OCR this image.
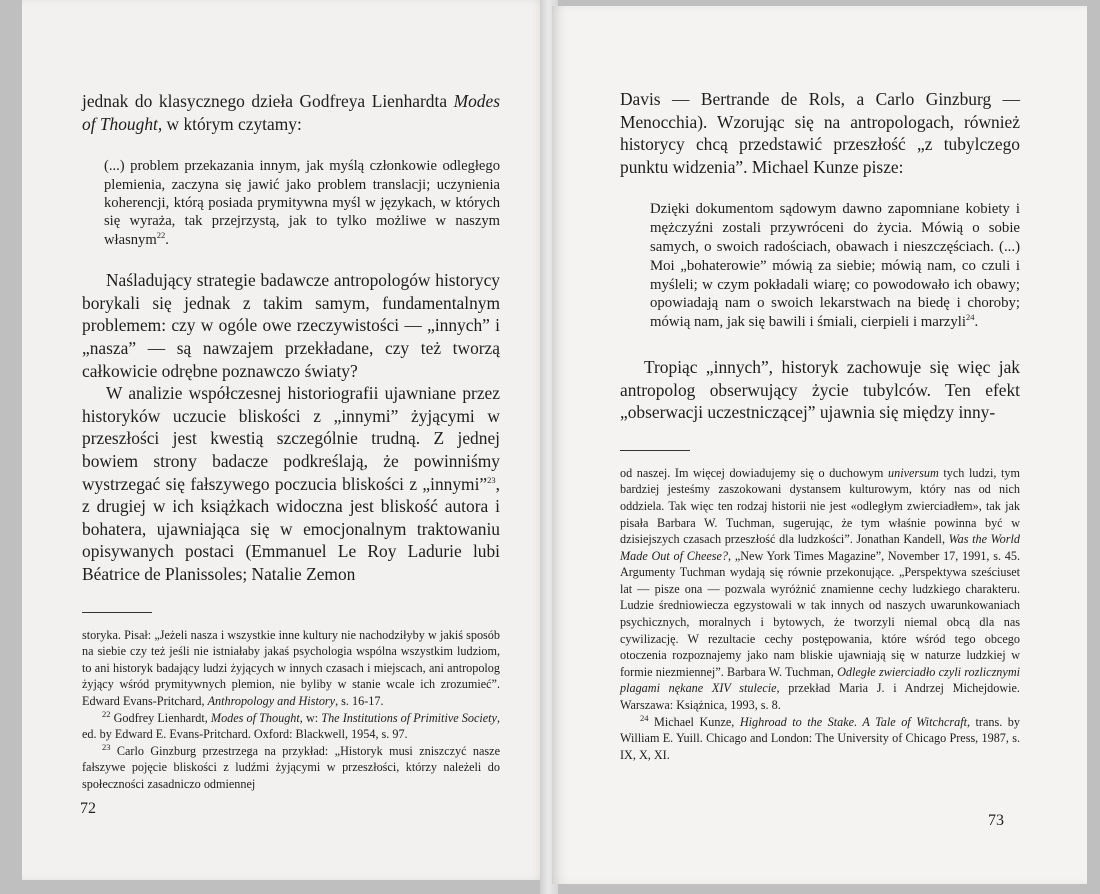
jednak do klasycznego dzieła Godfreya Lienhardta Modes of Thought, w którym czytamy:

(...) problem przekazania innym, jak myślą członkowie odległego plemienia, zaczyna się jawić jako problem translacji; uczynienia koherencji, którą posiada prymitywna myśl w językach, w których się wyraża, tak przejrzystą, jak to tylko możliwe w naszym własnym$^{22}$.

Naśladujący strategie badawcze antropologów historycy borykali się jednak z takim samym, fundamentalnym problemem: czy w ogóle owe rzeczywistości — „innych” i „nasza” — są nawzajem przekładane, czy też tworzą całkowicie odrębne poznawczo światy?

W analizie współczesnej historiografii ujawniane przez historyków uczucie bliskości z „innymi” żyjącymi w przeszłości jest kwestią szczególnie trudną. Z jednej bowiem strony badacze podkreślają, że powinniśmy wystrzegać się fałszywego poczucia bliskości z „innymi”$^{23}$, z drugiej w ich książkach widoczna jest bliskość autora i bohatera, ujawniająca się w emocjonalnym traktowaniu opisywanych postaci (Emmanuel Le Roy Ladurie lubi Béatrice de Planissoles; Natalie Zemon

storyka. Pisał: „Jeżeli nasza i wszystkie inne kultury nie nachodziłyby w jakiś sposób na siebie czy też jeśli nie istniałaby jakaś psychologia wspólna wszystkim ludziom, to ani historyk badający ludzi żyjących w innych czasach i miejscach, ani antropolog żyjący wśród prymitywnych plemion, nie byliby w stanie wcale ich zrozumieć”. Edward Evans-Pritchard, Anthropology and History, s. 16-17.

$^{22}$ Godfrey Lienhardt, Modes of Thought, w: The Institutions of Primitive Society, ed. by Edward E. Evans-Pritchard. Oxford: Blackwell, 1954, s. 97.

$^{23}$ Carlo Ginzburg przestrzega na przykład: „Historyk musi zniszczyć nasze fałszywe pojęcie bliskości z ludźmi żyjącymi w przeszłości, którzy należeli do społeczności zasadniczo odmiennej

72

Davis — Bertrande de Rols, a Carlo Ginzburg — Menocchia). Wzorując się na antropologach, również historycy chcą przedstawić przeszłość „z tubylczego punktu widzenia”. Michael Kunze pisze:

Dzięki dokumentom sądowym dawno zapomniane kobiety i mężczyźni zostali przywróceni do życia. Mówią o sobie samych, o swoich radościach, obawach i nieszczęściach. (...) Moi „bohaterowie” mówią za siebie; mówią nam, co czuli i myśleli; w czym pokładali wiarę; co powodowało ich obawy; opowiadają nam o swoich lekarstwach na biedę i choroby; mówią nam, jak się bawili i śmiali, cierpieli i marzyli$^{24}$.

Tropiąc „innych”, historyk zachowuje się więc jak antropolog obserwujący życie tubylców. Ten efekt „obserwacji uczestniczącej” ujawnia się między inny-

od naszej. Im więcej dowiadujemy się o duchowym universum tych ludzi, tym bardziej jesteśmy zaszokowani dystansem kulturowym, który nas od nich oddziela. Tak więc ten rodzaj historii nie jest «odległym zwierciadłem», tak jak pisała Barbara W. Tuchman, sugerując, że tym właśnie powinna być w dzisiejszych czasach przeszłość dla ludzkości”. Jonathan Kandell, Was the World Made Out of Cheese?, „New York Times Magazine”, November 17, 1991, s. 45. Argumenty Tuchman wydają się równie przekonujące. „Perspektywa sześciuset lat — pisze ona — pozwala wyróżnić znamienne cechy ludzkiego charakteru. Ludzie średniowiecza egzystowali w tak innych od naszych uwarunkowaniach psychicznych, moralnych i bytowych, że tworzyli niemal obcą dla nas cywilizację. W rezultacie cechy postępowania, które wśród tego obcego otoczenia rozpoznajemy jako nam bliskie ujawniają się w naturze ludzkiej w formie niezmiennej”. Barbara W. Tuchman, Odległe zwierciadło czyli rozlicznymi plagami nękane XIV stulecie, przekład Maria J. i Andrzej Michejdowie. Warszawa: Książnica, 1993, s. 8.

$^{24}$ Michael Kunze, Highroad to the Stake. A Tale of Witchcraft, trans. by William E. Yuill. Chicago and London: The University of Chicago Press, 1987, s. IX, X, XI.

73
